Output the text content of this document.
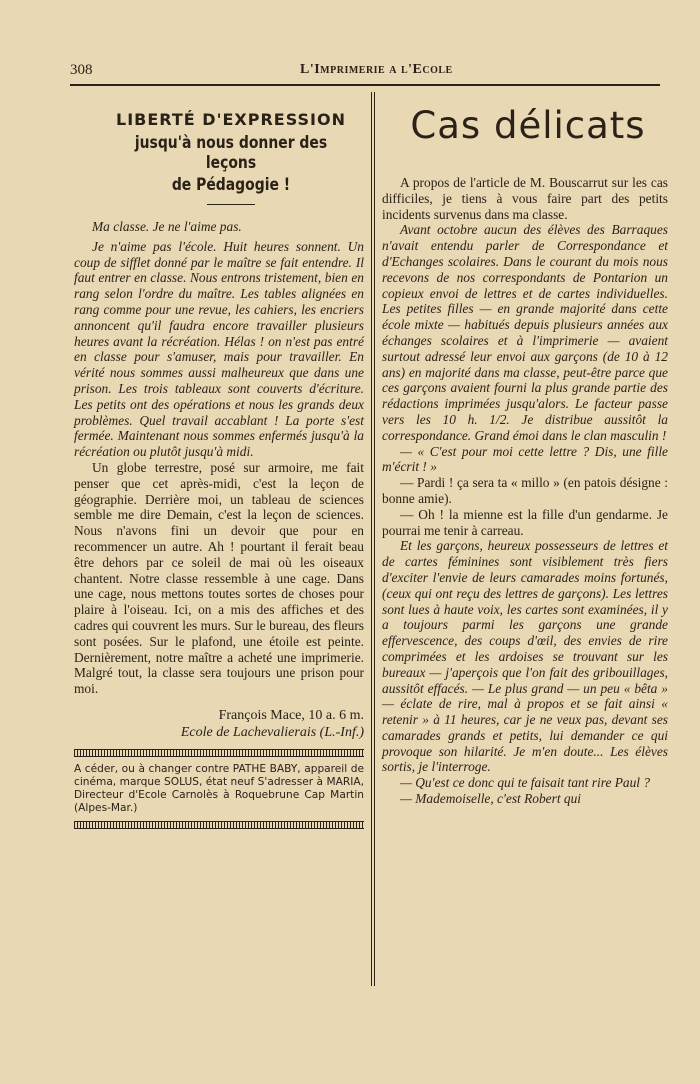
308	L'Imprimerie a l'Ecole
LIBERTÉ D'EXPRESSION
jusqu'à nous donner des leçons
de Pédagogie !

Ma classe. Je ne l'aime pas.

Je n'aime pas l'école. Huit heures sonnent. Un coup de sifflet donné par le maître se fait entendre. Il faut entrer en classe. Nous entrons tristement, bien en rang selon l'ordre du maître. Les tables alignées en rang comme pour une revue, les cahiers, les encriers annoncent qu'il faudra encore travailler plusieurs heures avant la récréation. Hélas ! on n'est pas entré en classe pour s'amuser, mais pour travailler. En vérité nous sommes aussi malheureux que dans une prison. Les trois tableaux sont couverts d'écriture. Les petits ont des opérations et nous les grands deux problèmes. Quel travail accablant ! La porte s'est fermée. Maintenant nous sommes enfermés jusqu'à la récréation ou plutôt jusqu'à midi.

Un globe terrestre, posé sur armoire, me fait penser que cet après-midi, c'est la leçon de géographie. Derrière moi, un tableau de sciences semble me dire Demain, c'est la leçon de sciences. Nous n'avons fini un devoir que pour en recommencer un autre. Ah ! pourtant il ferait beau être dehors par ce soleil de mai où les oiseaux chantent. Notre classe ressemble à une cage. Dans une cage, nous mettons toutes sortes de choses pour plaire à l'oiseau. Ici, on a mis des affiches et des cadres qui couvrent les murs. Sur le bureau, des fleurs sont posées. Sur le plafond, une étoile est peinte. Dernièrement, notre maître a acheté une imprimerie. Malgré tout, la classe sera toujours une prison pour moi.

François Mace, 10 a. 6 m.

Ecole de Lachevalierais (L.-Inf.)

A céder, ou à changer contre PATHE BABY, appareil de cinéma, marque SOLUS, état neuf S'adresser à MARIA, Directeur d'Ecole Carnolès à Roquebrune Cap Martin (Alpes-Mar.)

Cas délicats

A propos de l'article de M. Bouscarrut sur les cas difficiles, je tiens à vous faire part des petits incidents survenus dans ma classe.

Avant octobre aucun des élèves des Barraques n'avait entendu parler de Correspondance et d'Echanges scolaires. Dans le courant du mois nous recevons de nos correspondants de Pontarion un copieux envoi de lettres et de cartes individuelles. Les petites filles — en grande majorité dans cette école mixte — habitués depuis plusieurs années aux échanges scolaires et à l'imprimerie — avaient surtout adressé leur envoi aux garçons (de 10 à 12 ans) en majorité dans ma classe, peut-être parce que ces garçons avaient fourni la plus grande partie des rédactions imprimées jusqu'alors. Le facteur passe vers les 10 h. 1/2. Je distribue aussitôt la correspondance. Grand émoi dans le clan masculin !

— « C'est pour moi cette lettre ? Dis, une fille m'écrit ! »

— Pardi ! ça sera ta « millo » (en patois désigne : bonne amie).

— Oh ! la mienne est la fille d'un gendarme. Je pourrai me tenir à carreau.

Et les garçons, heureux possesseurs de lettres et de cartes féminines sont visiblement très fiers d'exciter l'envie de leurs camarades moins fortunés, (ceux qui ont reçu des lettres de garçons). Les lettres sont lues à haute voix, les cartes sont examinées, il y a toujours parmi les garçons une grande effervescence, des coups d'œil, des envies de rire comprimées et les ardoises se trouvant sur les bureaux — j'aperçois que l'on fait des gribouillages, aussitôt effacés. — Le plus grand — un peu « bêta » — éclate de rire, mal à propos et se fait ainsi « retenir » à 11 heures, car je ne veux pas, devant ses camarades grands et petits, lui demander ce qui provoque son hilarité. Je m'en doute... Les élèves sortis, je l'interroge.

— Qu'est ce donc qui te faisait tant rire Paul ?

— Mademoiselle, c'est Robert qui
